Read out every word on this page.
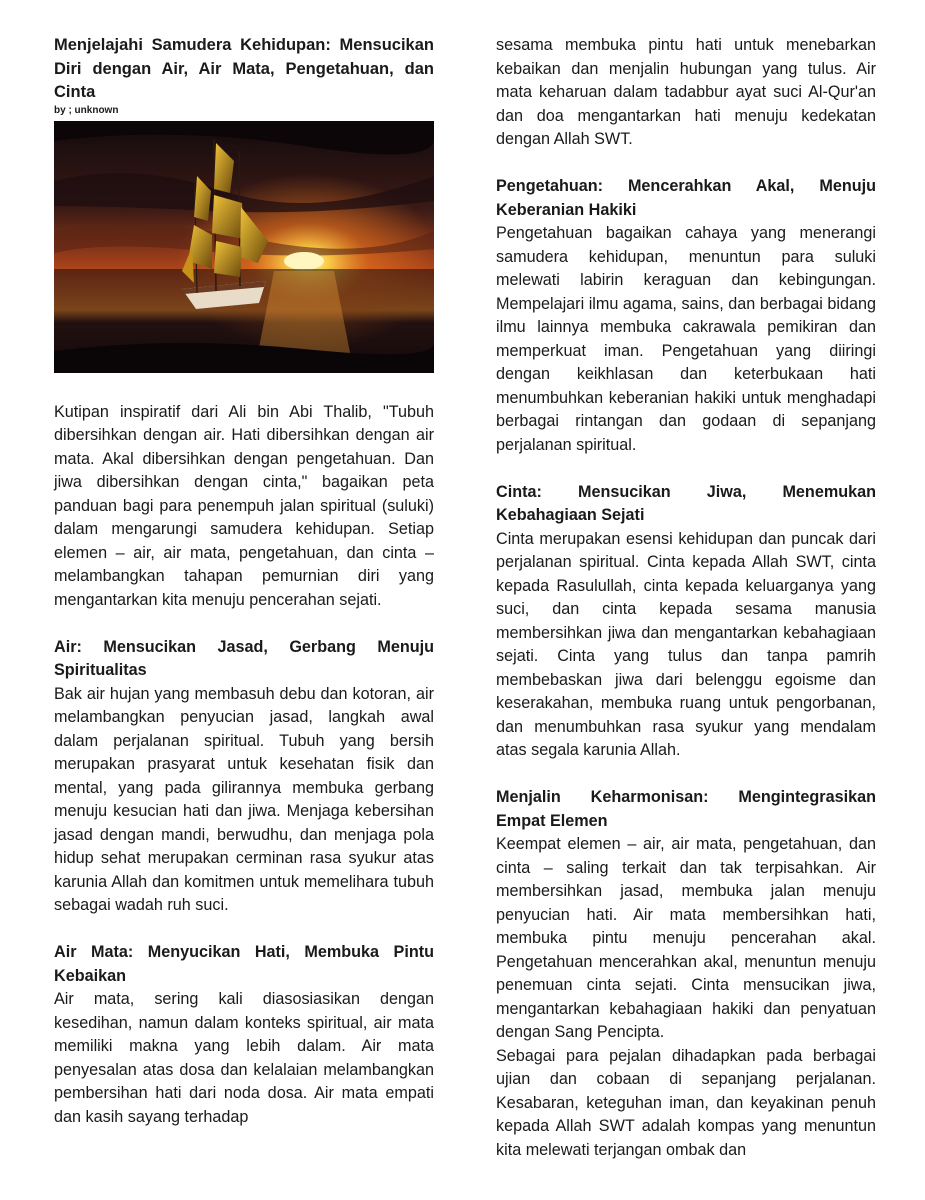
Menjelajahi Samudera Kehidupan: Mensucikan Diri dengan Air, Air Mata, Pengetahuan, dan Cinta
by ; unknown

Kutipan inspiratif dari Ali bin Abi Thalib, "Tubuh dibersihkan dengan air. Hati dibersihkan dengan air mata. Akal dibersihkan dengan pengetahuan. Dan jiwa dibersihkan dengan cinta," bagaikan peta panduan bagi para penempuh jalan spiritual (suluki) dalam mengarungi samudera kehidupan. Setiap elemen – air, air mata, pengetahuan, dan cinta – melambangkan tahapan pemurnian diri yang mengantarkan kita menuju pencerahan sejati.

Air: Mensucikan Jasad, Gerbang Menuju Spiritualitas

Bak air hujan yang membasuh debu dan kotoran, air melambangkan penyucian jasad, langkah awal dalam perjalanan spiritual. Tubuh yang bersih merupakan prasyarat untuk kesehatan fisik dan mental, yang pada gilirannya membuka gerbang menuju kesucian hati dan jiwa. Menjaga kebersihan jasad dengan mandi, berwudhu, dan menjaga pola hidup sehat merupakan cerminan rasa syukur atas karunia Allah dan komitmen untuk memelihara tubuh sebagai wadah ruh suci.

Air Mata: Menyucikan Hati, Membuka Pintu Kebaikan

Air mata, sering kali diasosiasikan dengan kesedihan, namun dalam konteks spiritual, air mata memiliki makna yang lebih dalam. Air mata penyesalan atas dosa dan kelalaian melambangkan pembersihan hati dari noda dosa. Air mata empati dan kasih sayang terhadap

sesama membuka pintu hati untuk menebarkan kebaikan dan menjalin hubungan yang tulus. Air mata keharuan dalam tadabbur ayat suci Al-Qur'an dan doa mengantarkan hati menuju kedekatan dengan Allah SWT.

Pengetahuan: Mencerahkan Akal, Menuju Keberanian Hakiki

Pengetahuan bagaikan cahaya yang menerangi samudera kehidupan, menuntun para suluki melewati labirin keraguan dan kebingungan. Mempelajari ilmu agama, sains, dan berbagai bidang ilmu lainnya membuka cakrawala pemikiran dan memperkuat iman. Pengetahuan yang diiringi dengan keikhlasan dan keterbukaan hati menumbuhkan keberanian hakiki untuk menghadapi berbagai rintangan dan godaan di sepanjang perjalanan spiritual.

Cinta: Mensucikan Jiwa, Menemukan Kebahagiaan Sejati

Cinta merupakan esensi kehidupan dan puncak dari perjalanan spiritual. Cinta kepada Allah SWT, cinta kepada Rasulullah, cinta kepada keluarganya yang suci, dan cinta kepada sesama manusia membersihkan jiwa dan mengantarkan kebahagiaan sejati. Cinta yang tulus dan tanpa pamrih membebaskan jiwa dari belenggu egoisme dan keserakahan, membuka ruang untuk pengorbanan, dan menumbuhkan rasa syukur yang mendalam atas segala karunia Allah.

Menjalin Keharmonisan: Mengintegrasikan Empat Elemen

Keempat elemen – air, air mata, pengetahuan, dan cinta – saling terkait dan tak terpisahkan. Air membersihkan jasad, membuka jalan menuju penyucian hati. Air mata membersihkan hati, membuka pintu menuju pencerahan akal. Pengetahuan mencerahkan akal, menuntun menuju penemuan cinta sejati. Cinta mensucikan jiwa, mengantarkan kebahagiaan hakiki dan penyatuan dengan Sang Pencipta.

Sebagai para pejalan dihadapkan pada berbagai ujian dan cobaan di sepanjang perjalanan. Kesabaran, keteguhan iman, dan keyakinan penuh kepada Allah SWT adalah kompas yang menuntun kita melewati terjangan ombak dan
